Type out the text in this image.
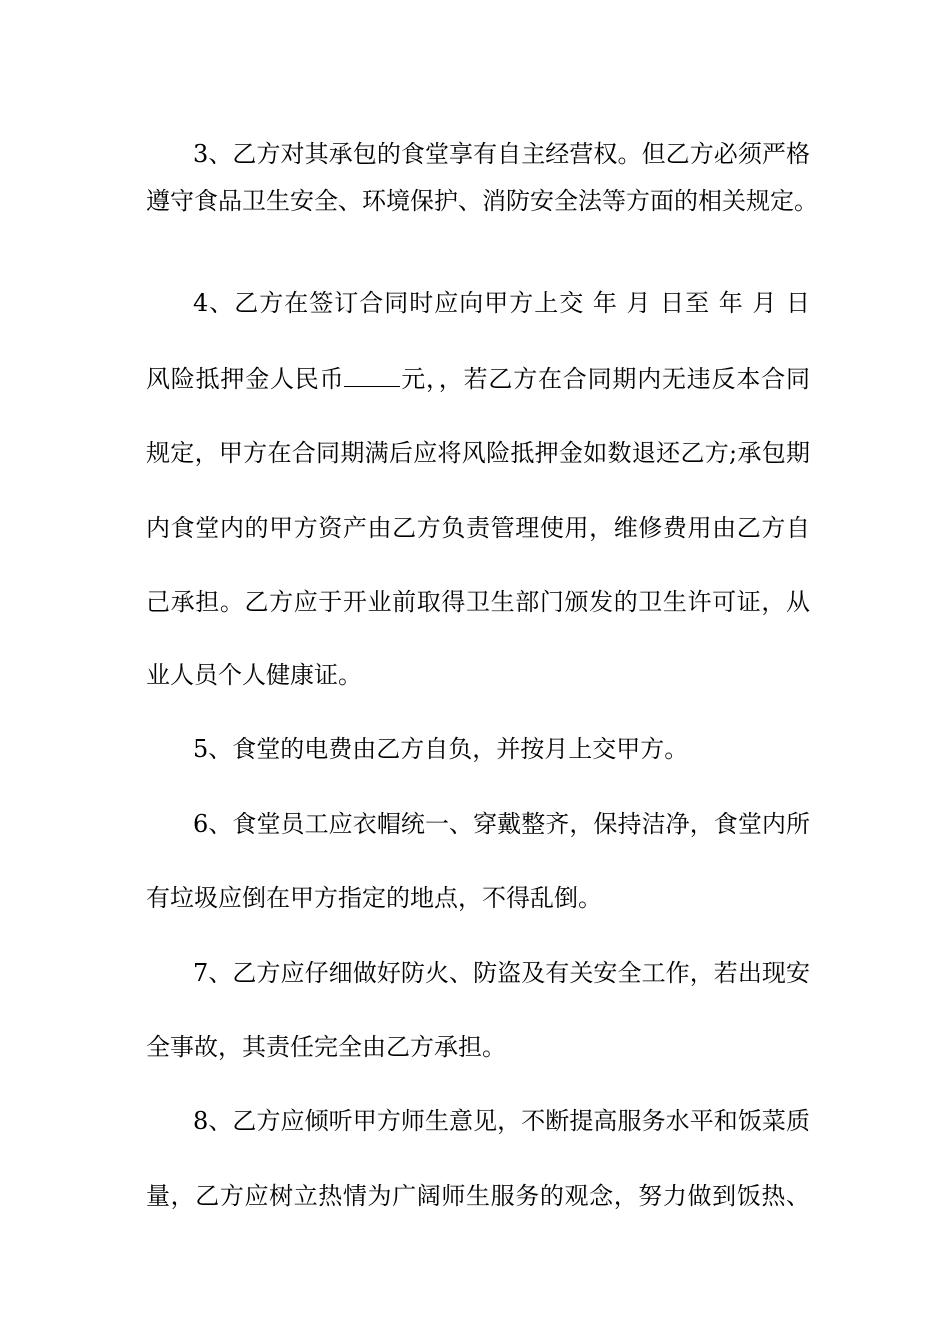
3、乙方对其承包的食堂享有自主经营权。但乙方必须严格
遵守食品卫生安全、环境保护、消防安全法等方面的相关规定。
4、乙方在签订合同时应向甲方上交 年 月 日至 年 月 日
风险抵押金人民币 元，，若乙方在合同期内无违反本合同
规定，甲方在合同期满后应将风险抵押金如数退还乙方;承包期
内食堂内的甲方资产由乙方负责管理使用，维修费用由乙方自
己承担。乙方应于开业前取得卫生部门颁发的卫生许可证，从
业人员个人健康证。
5、食堂的电费由乙方自负，并按月上交甲方。
6、食堂员工应衣帽统一、穿戴整齐，保持洁净，食堂内所
有垃圾应倒在甲方指定的地点，不得乱倒。
7、乙方应仔细做好防火、防盗及有关安全工作，若出现安
全事故，其责任完全由乙方承担。
8、乙方应倾听甲方师生意见，不断提高服务水平和饭菜质
量，乙方应树立热情为广阔师生服务的观念，努力做到饭热、
